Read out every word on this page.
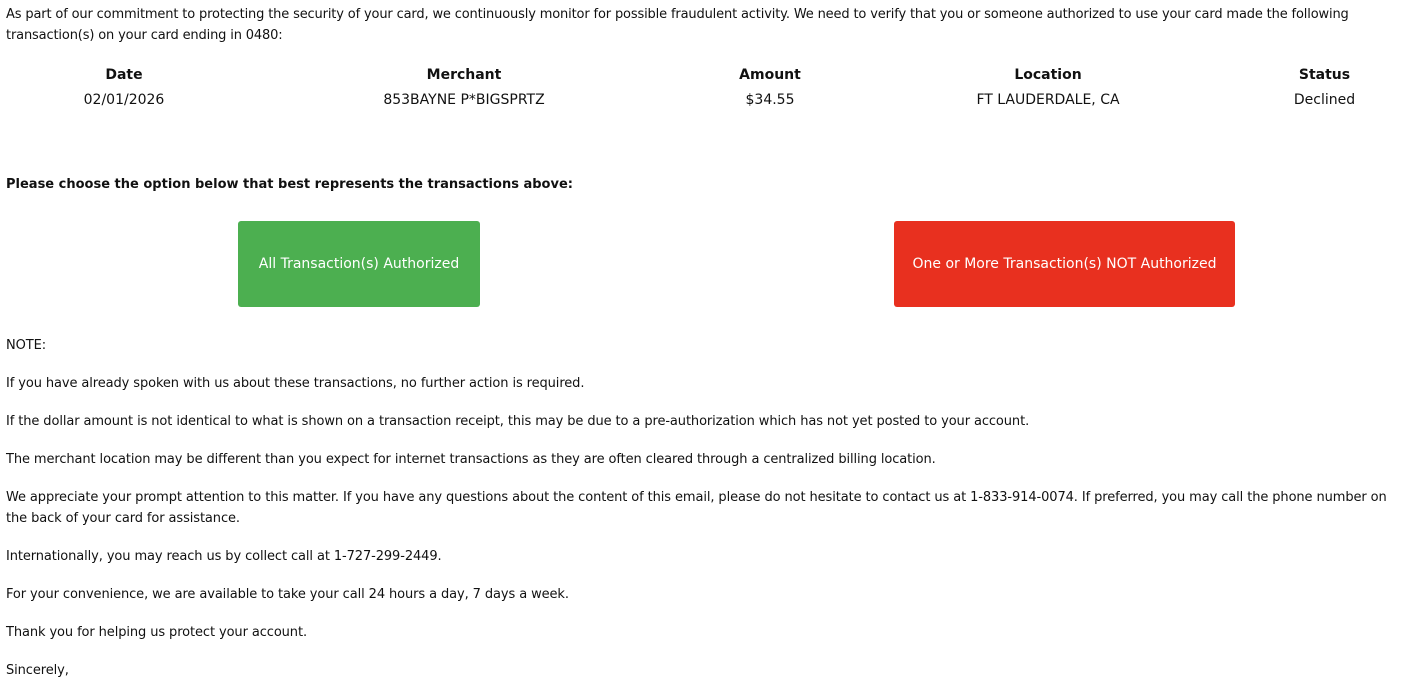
As part of our commitment to protecting the security of your card, we continuously monitor for possible fraudulent activity. We need to verify that you or someone authorized to use your card made the following transaction(s) on your card ending in 0480:

Date	Merchant	Amount	Location	Status
02/01/2026	853BAYNE P*BIGSPRTZ	$34.55	FT LAUDERDALE, CA	Declined

Please choose the option below that best represents the transactions above:

All Transaction(s) Authorized	One or More Transaction(s) NOT Authorized

NOTE:

If you have already spoken with us about these transactions, no further action is required.

If the dollar amount is not identical to what is shown on a transaction receipt, this may be due to a pre-authorization which has not yet posted to your account.

The merchant location may be different than you expect for internet transactions as they are often cleared through a centralized billing location.

We appreciate your prompt attention to this matter. If you have any questions about the content of this email, please do not hesitate to contact us at 1-833-914-0074. If preferred, you may call the phone number on the back of your card for assistance.

Internationally, you may reach us by collect call at 1-727-299-2449.

For your convenience, we are available to take your call 24 hours a day, 7 days a week.

Thank you for helping us protect your account.

Sincerely,
